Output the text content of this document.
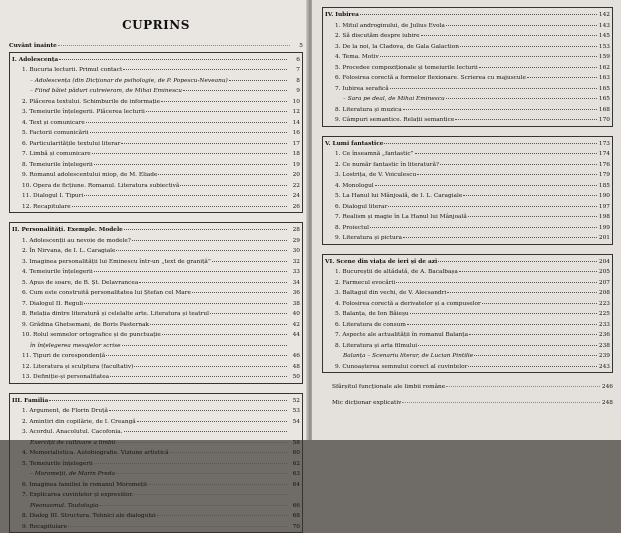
CUPRINS
Cuvânt înainte	5
I. Adolescența	6
1. Bucuria lecturii. Primul contact	7
– Adolescența (din Dicționar de psihologie, de P. Popescu-Neveanu)	8
– Fiind băiet păduri cutreieram, de Mihai Eminescu	9
2. Plăcerea textului. Schimburile de informație	10
3. Temeiurile înțelegerii. Plăcerea lecturii	12
4. Text și comunicare	14
5. Factorii comunicării	16
6. Particularitățile textului literar	17
7. Limbă și comunicare	18
8. Temeiurile înțelegerii	19
9. Romanul adolescentului miop, de M. Eliade	20
10. Opera de ficțiune. Romanul. Literatura subiectivă	22
11. Dialogul I. Tipuri	24
12. Recapitulare	26
II. Personalități. Exemple. Modele	28
1. Adolescenții au nevoie de modele?	29
2. În Nirvana, de I. L. Caragiale	30
3. Imaginea personalității lui Eminescu într-un „text de graniță”	32
4. Temeiurile înțelegerii	33
5. Apus de soare, de B. Șt. Delavrancea	34
6. Cum este construită personalitatea lui Ștefan cel Mare	36
7. Dialogul II. Reguli	38
8. Relația dintre literatură și celelalte arte. Literatura și teatrul	40
9. Grădina Ghetsemani, de Boris Pasternak	42
10. Rolul semnelor ortografice și de punctuație	44
în înțelegerea mesajelor scrise
11. Tipuri de corespondență	46
12. Literatura și sculptura (facultativ)	48
13. Definiție-și personalitatea	50
III. Familia	52
1. Argument, de Florin Druță	53
2. Amintiri din copilărie, de I. Creangă	54
3. Acordul. Anacolutul. Cacofonia.
Exerciții de cultivare a limbii	58
4. Memorialistica. Autobiografie. Viziune artistică	60
5. Temeiurile înțelegerii	62
– Moromeții, de Marin Preda	63
6. Imaginea familiei în romanul Moromeții	64
7. Explicarea cuvintelor și expresiilor.
Pleonasmul. Tautologia	66
8. Dialog III. Structura. Tehnici ale dialogului	68
9. Recapitulare	70
IV. Iubirea	142
1. Mitul androginului, de Julius Evola	143
2. Să discutăm despre iubire	145
3. De la noi, la Cladova, de Gala Galaction	153
4. Tema. Motiv	159
5. Procedee compoziționale și temeiurile lecturii	162
6. Folosirea corectă a formelor flexionare. Scrierea cu majuscule	163
7. Iubirea serafică	165
– Sara pe deal, de Mihai Eminescu	165
8. Literatura și muzica	168
9. Câmpuri semantice. Relații semantice	170
V. Lumi fantastice	173
1. Ce înseamnă „fantastic”	174
2. Ce număr fantastic în literatură?	176
3. Lostrița, de V. Voiculescu	179
4. Monologul	185
5. La Hanul lui Mânjoală, de I. L. Caragiale	190
6. Dialogul literar	197
7. Realism și magie în La Hanul lui Mânjoală	198
8. Proiectul	199
9. Literatura și pictura	201
VI. Scene din viața de ieri și de azi	204
1. Bucureștii de altădată, de A. Bacalbașa	205
2. Farmecul evocării	207
3. Baltagul din vechi, de V. Alecsandri	208
4. Folosirea corectă a derivatelor și a compuselor	223
5. Balanța, de Ion Băieșu	225
6. Literatura de consum	233
7. Aspecte ale actualității în romanul Balanța	236
8. Literatura și arta filmului	238
Balanța – Scenariu literar, de Lucian Pintilie	239
9. Cunoașterea semnului corect al cuvintelor	243
Sfârșitul funcționale ale limbii române	246
Mic dicționar explicativ	248
